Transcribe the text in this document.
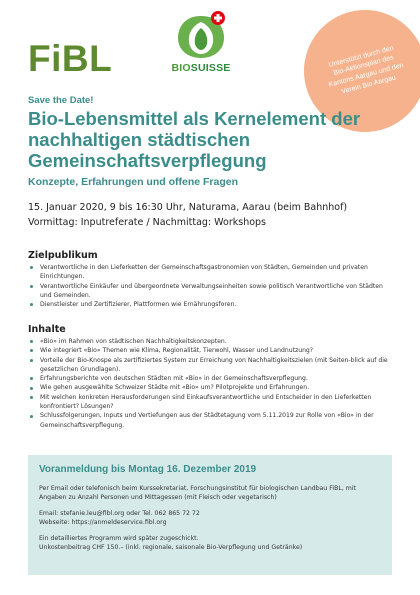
FiBL	BIOSUISSE	Unterstützt durch den Bio-Aktionsplan des Kantons Aargau und den Verein Bio Aargau
Save the Date!
Bio-Lebensmittel als Kernelement der nachhaltigen städtischen Gemeinschaftsverpflegung
Konzepte, Erfahrungen und offene Fragen
15. Januar 2020, 9 bis 16:30 Uhr, Naturama, Aarau (beim Bahnhof)
Vormittag: Inputreferate / Nachmittag: Workshops
Zielpublikum
Verantwortliche in den Lieferketten der Gemeinschaftsgastronomien von Städten, Gemeinden und privaten Einrichtungen.
Verantwortliche Einkäufer und übergeordnete Verwaltungseinheiten sowie politisch Verantwortliche von Städten und Gemeinden.
Dienstleister und Zertifizierer, Plattformen wie Ernährungsforen.
Inhalte
«Bio» im Rahmen von städtischen Nachhaltigkeitskonzepten.
Wie integriert «Bio» Themen wie Klima, Regionalität, Tierwohl, Wasser und Landnutzung?
Vorteile der Bio-Knospe als zertifiziertes System zur Erreichung von Nachhaltigkeitszielen (mit Seiten-blick auf die gesetzlichen Grundlagen).
Erfahrungsberichte von deutschen Städten mit «Bio» in der Gemeinschaftsverpflegung.
Wie gehen ausgewählte Schweizer Städte mit «Bio» um? Pilotprojekte und Erfahrungen.
Mit welchen konkreten Herausforderungen sind Einkaufsverantwortliche und Entscheider in den Lieferketten konfrontiert? Lösungen?
Schlussfolgerungen, Inputs und Vertiefungen aus der Städtetagung vom 5.11.2019 zur Rolle von «Bio» in der Gemeinschaftsverpflegung.
Voranmeldung bis Montag 16. Dezember 2019
Per Email oder telefonisch beim Kurssekretariat, Forschungsinstitut für biologischen Landbau FiBL, mit Angaben zu Anzahl Personen und Mittagessen (mit Fleisch oder vegetarisch)
Email: stefanie.leu@fibl.org oder Tel. 062 865 72 72
Webseite: https://anmeldeservice.fibl.org
Ein detailliertes Programm wird später zugeschickt.
Unkostenbeitrag CHF 150.– (inkl. regionale, saisonale Bio-Verpflegung und Getränke)
